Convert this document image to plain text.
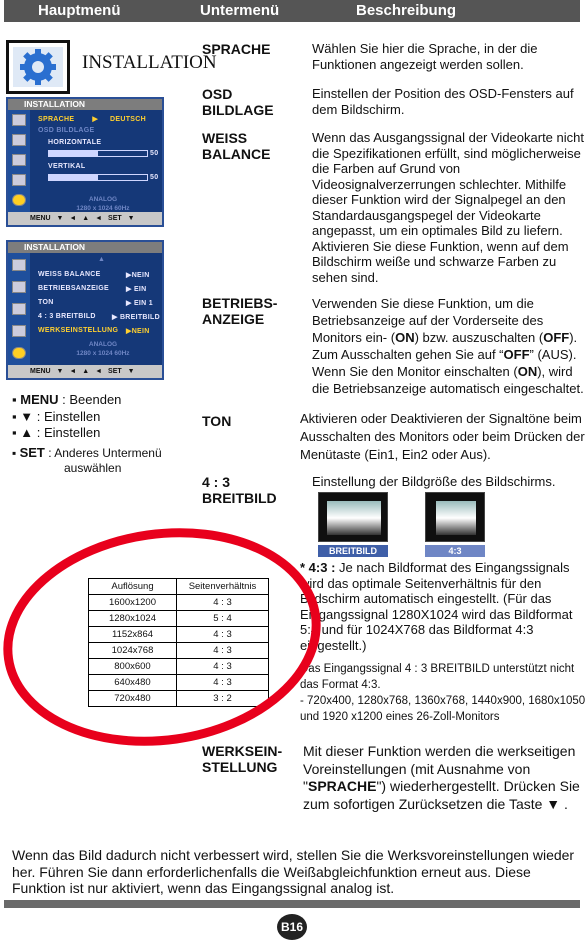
Hauptmenü	Untermenü	Beschreibung
INSTALLATION
INSTALLATION
SPRACHE	▶ DEUTSCH
OSD BILDLAGE
HORIZONTALE
50
VERTIKAL
50
ANALOG
1280 x 1024 60Hz
MENU ▼ ◄ ▲ ◄ SET ▼
INSTALLATION
▲
WEISS BALANCE	▶NEIN
BETRIEBSANZEIGE ▶ EIN
TON	▶ EIN 1
4 : 3 BREITBILD ▶ BREITBILD
WERKSEINSTELLUNG ▶NEIN
ANALOG
1280 x 1024 60Hz
MENU ▼ ◄ ▲ ◄ SET ▼
▪ MENU : Beenden
▪ ▼ : Einstellen
▪ ▲ : Einstellen
▪ SET : Anderes Untermenü
auswählen
SPRACHE	Wählen Sie hier die Sprache, in der die Funktionen angezeigt werden sollen.
OSD
BILDLAGE
Einstellen der Position des OSD-Fensters auf dem Bildschirm.
WEISS
BALANCE
Wenn das Ausgangssignal der Videokarte nicht die Spezifikationen erfüllt, sind möglicherweise die Farben auf Grund von Videosignalverzerrungen schlechter. Mithilfe dieser Funktion wird der Signalpegel an den Standardausgangspegel der Videokarte angepasst, um ein optimales Bild zu liefern. Aktivieren Sie diese Funktion, wenn auf dem Bildschirm weiße und schwarze Farben zu sehen sind.
BETRIEBS-
ANZEIGE
Verwenden Sie diese Funktion, um die Betriebsanzeige auf der Vorderseite des Monitors ein- (ON) bzw. auszuschalten (OFF). Zum Ausschalten gehen Sie auf “OFF” (AUS). Wenn Sie den Monitor einschalten (ON), wird die Betriebsanzeige automatisch eingeschaltet.
TON	Aktivieren oder Deaktivieren der Signaltöne beim Ausschalten des Monitors oder beim Drücken der Menütaste (Ein1, Ein2 oder Aus).
4 : 3
BREITBILD
Einstellung der Bildgröße des Bildschirms.
BREITBILD	4:3
* 4:3 : Je nach Bildformat des Eingangssignals wird das optimale Seitenverhältnis für den Bildschirm automatisch eingestellt. (Für das Eingangssignal 1280X1024 wird das Bildformat 5:4 und für 1024X768 das Bildformat 4:3 eingestellt.)
Das Eingangssignal 4 : 3 BREITBILD unterstützt nicht das Format 4:3.
- 720x400, 1280x768, 1360x768, 1440x900, 1680x1050 und 1920 x1200 eines 26-Zoll-Monitors
Auflösung	Seitenverhältnis
1600x1200	4 : 3
1280x1024	5 : 4
1152x864	4 : 3
1024x768	4 : 3
800x600	4 : 3
640x480	4 : 3
720x480	3 : 2
WERKSEIN-
STELLUNG
Mit dieser Funktion werden die werkseitigen Voreinstellungen (mit Ausnahme von "SPRACHE") wiederhergestellt. Drücken Sie zum sofortigen Zurücksetzen die Taste ▼ .
Wenn das Bild dadurch nicht verbessert wird, stellen Sie die Werksvoreinstellungen wieder her. Führen Sie dann erforderlichenfalls die Weißabgleichfunktion erneut aus. Diese Funktion ist nur aktiviert, wenn das Eingangssignal analog ist.
B16
